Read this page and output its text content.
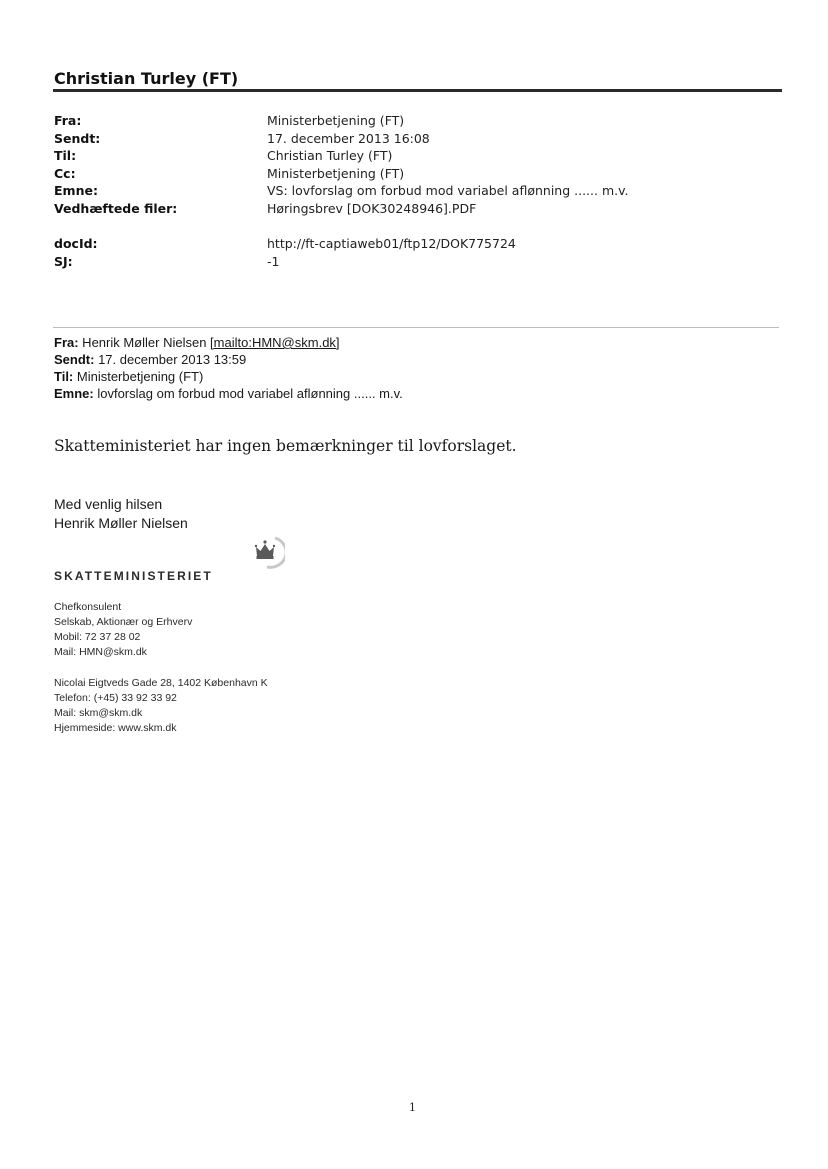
Christian Turley (FT)
Fra:	Ministerbetjening (FT)
Sendt:	17. december 2013 16:08
Til:	Christian Turley (FT)
Cc:	Ministerbetjening (FT)
Emne:	VS: lovforslag om forbud mod variabel aflønning ...... m.v.
Vedhæftede filer:	Høringsbrev [DOK30248946].PDF
docId:	http://ft-captiaweb01/ftp12/DOK775724
SJ:	-1
Fra: Henrik Møller Nielsen [mailto:HMN@skm.dk]
Sendt: 17. december 2013 13:59
Til: Ministerbetjening (FT)
Emne: lovforslag om forbud mod variabel aflønning ...... m.v.
Skatteministeriet har ingen bemærkninger til lovforslaget.
Med venlig hilsen
Henrik Møller Nielsen
SKATTEMINISTERIET
Chefkonsulent
Selskab, Aktionær og Erhverv
Mobil: 72 37 28 02
Mail: HMN@skm.dk
Nicolai Eigtveds Gade 28, 1402 København K
Telefon: (+45) 33 92 33 92
Mail: skm@skm.dk
Hjemmeside: www.skm.dk
1
